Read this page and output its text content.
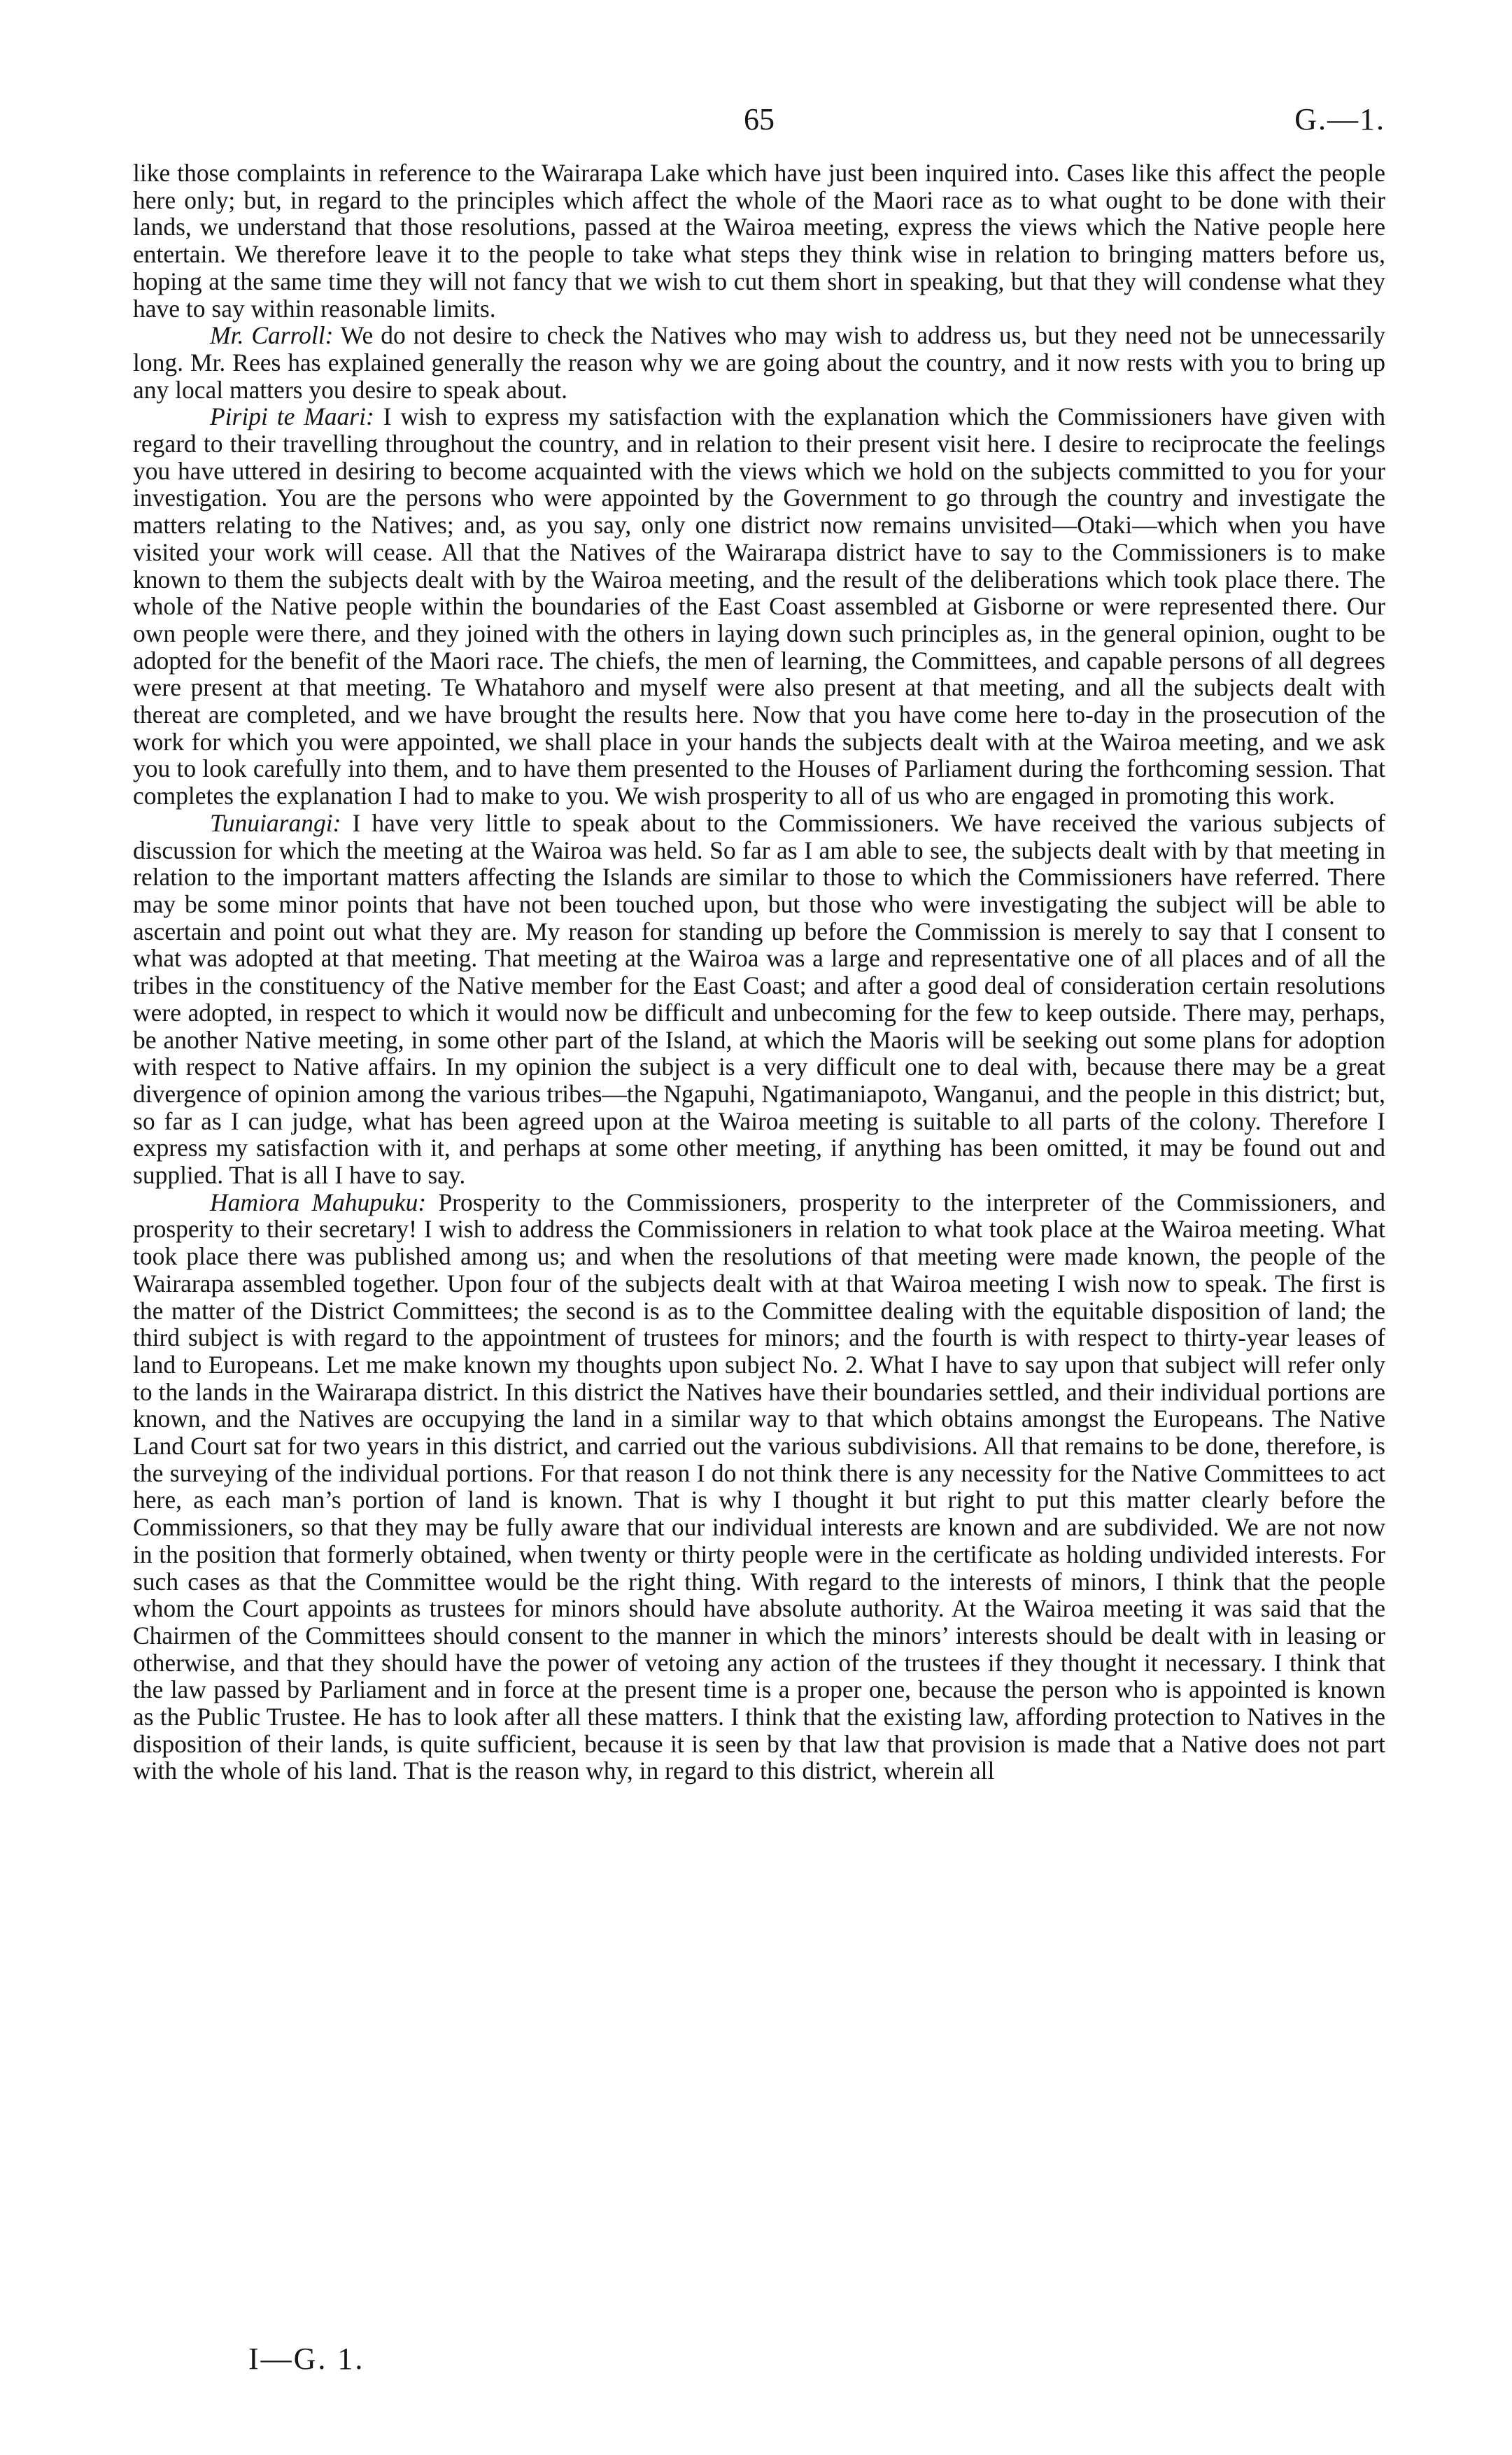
65	G.—1.

like those complaints in reference to the Wairarapa Lake which have just been inquired into. Cases like this affect the people here only; but, in regard to the principles which affect the whole of the Maori race as to what ought to be done with their lands, we understand that those resolutions, passed at the Wairoa meeting, express the views which the Native people here entertain. We therefore leave it to the people to take what steps they think wise in relation to bringing matters before us, hoping at the same time they will not fancy that we wish to cut them short in speaking, but that they will condense what they have to say within reasonable limits.

Mr. Carroll: We do not desire to check the Natives who may wish to address us, but they need not be unnecessarily long. Mr. Rees has explained generally the reason why we are going about the country, and it now rests with you to bring up any local matters you desire to speak about.

Piripi te Maari: I wish to express my satisfaction with the explanation which the Commissioners have given with regard to their travelling throughout the country, and in relation to their present visit here. I desire to reciprocate the feelings you have uttered in desiring to become acquainted with the views which we hold on the subjects committed to you for your investigation. You are the persons who were appointed by the Government to go through the country and investigate the matters relating to the Natives; and, as you say, only one district now remains unvisited—Otaki—which when you have visited your work will cease. All that the Natives of the Wairarapa district have to say to the Commissioners is to make known to them the subjects dealt with by the Wairoa meeting, and the result of the deliberations which took place there. The whole of the Native people within the boundaries of the East Coast assembled at Gisborne or were represented there. Our own people were there, and they joined with the others in laying down such principles as, in the general opinion, ought to be adopted for the benefit of the Maori race. The chiefs, the men of learning, the Committees, and capable persons of all degrees were present at that meeting. Te Whatahoro and myself were also present at that meeting, and all the subjects dealt with thereat are completed, and we have brought the results here. Now that you have come here to-day in the prosecution of the work for which you were appointed, we shall place in your hands the subjects dealt with at the Wairoa meeting, and we ask you to look carefully into them, and to have them presented to the Houses of Parliament during the forthcoming session. That completes the explanation I had to make to you. We wish prosperity to all of us who are engaged in promoting this work.

Tunuiarangi: I have very little to speak about to the Commissioners. We have received the various subjects of discussion for which the meeting at the Wairoa was held. So far as I am able to see, the subjects dealt with by that meeting in relation to the important matters affecting the Islands are similar to those to which the Commissioners have referred. There may be some minor points that have not been touched upon, but those who were investigating the subject will be able to ascertain and point out what they are. My reason for standing up before the Commission is merely to say that I consent to what was adopted at that meeting. That meeting at the Wairoa was a large and representative one of all places and of all the tribes in the constituency of the Native member for the East Coast; and after a good deal of consideration certain resolutions were adopted, in respect to which it would now be difficult and unbecoming for the few to keep outside. There may, perhaps, be another Native meeting, in some other part of the Island, at which the Maoris will be seeking out some plans for adoption with respect to Native affairs. In my opinion the subject is a very difficult one to deal with, because there may be a great divergence of opinion among the various tribes—the Ngapuhi, Ngatimaniapoto, Wanganui, and the people in this district; but, so far as I can judge, what has been agreed upon at the Wairoa meeting is suitable to all parts of the colony. Therefore I express my satisfaction with it, and perhaps at some other meeting, if anything has been omitted, it may be found out and supplied. That is all I have to say.

Hamiora Mahupuku: Prosperity to the Commissioners, prosperity to the interpreter of the Commissioners, and prosperity to their secretary! I wish to address the Commissioners in relation to what took place at the Wairoa meeting. What took place there was published among us; and when the resolutions of that meeting were made known, the people of the Wairarapa assembled together. Upon four of the subjects dealt with at that Wairoa meeting I wish now to speak. The first is the matter of the District Committees; the second is as to the Committee dealing with the equitable disposition of land; the third subject is with regard to the appointment of trustees for minors; and the fourth is with respect to thirty-year leases of land to Europeans. Let me make known my thoughts upon subject No. 2. What I have to say upon that subject will refer only to the lands in the Wairarapa district. In this district the Natives have their boundaries settled, and their individual portions are known, and the Natives are occupying the land in a similar way to that which obtains amongst the Europeans. The Native Land Court sat for two years in this district, and carried out the various subdivisions. All that remains to be done, therefore, is the surveying of the individual portions. For that reason I do not think there is any necessity for the Native Committees to act here, as each man’s portion of land is known. That is why I thought it but right to put this matter clearly before the Commissioners, so that they may be fully aware that our individual interests are known and are subdivided. We are not now in the position that formerly obtained, when twenty or thirty people were in the certificate as holding undivided interests. For such cases as that the Committee would be the right thing. With regard to the interests of minors, I think that the people whom the Court appoints as trustees for minors should have absolute authority. At the Wairoa meeting it was said that the Chairmen of the Committees should consent to the manner in which the minors’ interests should be dealt with in leasing or otherwise, and that they should have the power of vetoing any action of the trustees if they thought it necessary. I think that the law passed by Parliament and in force at the present time is a proper one, because the person who is appointed is known as the Public Trustee. He has to look after all these matters. I think that the existing law, affording protection to Natives in the disposition of their lands, is quite sufficient, because it is seen by that law that provision is made that a Native does not part with the whole of his land. That is the reason why, in regard to this district, wherein all

I—G. 1.
